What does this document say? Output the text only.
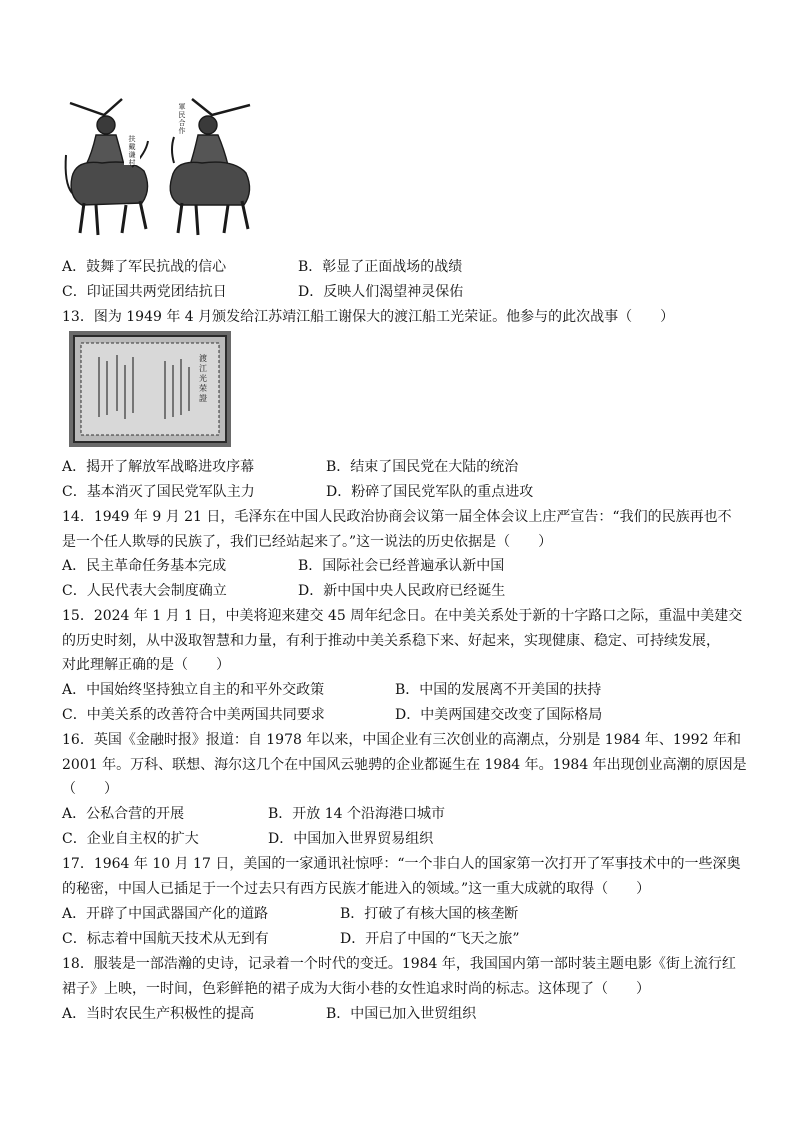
扶
戴
谦
村
軍
民
合
作
A．鼓舞了军民抗战的信心	B．彰显了正面战场的战绩
C．印证国共两党团结抗日	D．反映人们渴望神灵保佑
13．图为 1949 年 4 月颁发给江苏靖江船工谢保大的渡江船工光荣证。他参与的此次战事（　　）
渡
江
光
荣
證
A．揭开了解放军战略进攻序幕	B．结束了国民党在大陆的统治
C．基本消灭了国民党军队主力	D．粉碎了国民党军队的重点进攻
14．1949 年 9 月 21 日，毛泽东在中国人民政治协商会议第一届全体会议上庄严宣告：“我们的民族再也不
是一个任人欺辱的民族了，我们已经站起来了。”这一说法的历史依据是（　　）
A．民主革命任务基本完成	B．国际社会已经普遍承认新中国
C．人民代表大会制度确立	D．新中国中央人民政府已经诞生
15．2024 年 1 月 1 日，中美将迎来建交 45 周年纪念日。在中美关系处于新的十字路口之际，重温中美建交
的历史时刻，从中汲取智慧和力量，有利于推动中美关系稳下来、好起来，实现健康、稳定、可持续发展，
对此理解正确的是（　　）
A．中国始终坚持独立自主的和平外交政策	B．中国的发展离不开美国的扶持
C．中美关系的改善符合中美两国共同要求	D．中美两国建交改变了国际格局
16．英国《金融时报》报道：自 1978 年以来，中国企业有三次创业的高潮点，分别是 1984 年、1992 年和
2001 年。万科、联想、海尔这几个在中国风云驰骋的企业都诞生在 1984 年。1984 年出现创业高潮的原因是
（　　）
A．公私合营的开展	B．开放 14 个沿海港口城市
C．企业自主权的扩大	D．中国加入世界贸易组织
17．1964 年 10 月 17 日，美国的一家通讯社惊呼：“一个非白人的国家第一次打开了军事技术中的一些深奥
的秘密，中国人已插足于一个过去只有西方民族才能进入的领域。”这一重大成就的取得（　　）
A．开辟了中国武器国产化的道路	B．打破了有核大国的核垄断
C．标志着中国航天技术从无到有	D．开启了中国的“飞天之旅”
18．服装是一部浩瀚的史诗，记录着一个时代的变迁。1984 年，我国国内第一部时装主题电影《街上流行红
裙子》上映，一时间，色彩鲜艳的裙子成为大街小巷的女性追求时尚的标志。这体现了（　　）
A．当时农民生产积极性的提高	B．中国已加入世贸组织
